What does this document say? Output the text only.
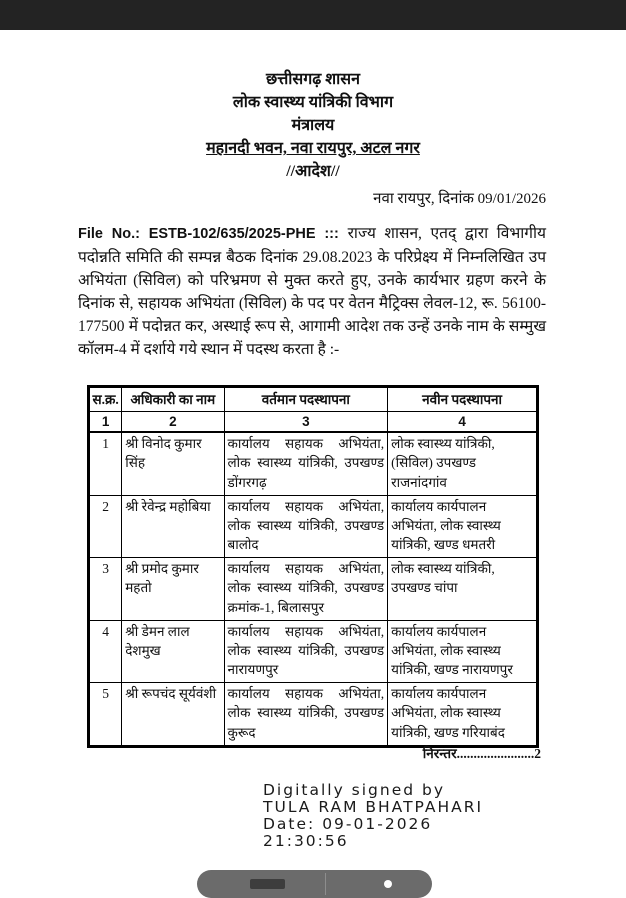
छत्तीसगढ़ शासन
लोक स्वास्थ्य यांत्रिकी विभाग
मंत्रालय
महानदी भवन, नवा रायपुर, अटल नगर
//आदेश//
नवा रायपुर, दिनांक 09/01/2026
File No.: ESTB-102/635/2025-PHE ::: राज्य शासन, एतद् द्वारा विभागीय पदोन्नति समिति की सम्पन्न बैठक दिनांक 29.08.2023 के परिप्रेक्ष्य में निम्नलिखित उप अभियंता (सिविल) को परिभ्रमण से मुक्त करते हुए, उनके कार्यभार ग्रहण करने के दिनांक से, सहायक अभियंता (सिविल) के पद पर वेतन मैट्रिक्स लेवल-12, रू. 56100-177500 में पदोन्नत कर, अस्थाई रूप से, आगामी आदेश तक उन्हें उनके नाम के सम्मुख कॉलम-4 में दर्शाये गये स्थान में पदस्थ करता है :-
स.क्र.	अधिकारी का नाम	वर्तमान पदस्थापना	नवीन पदस्थापना
1	2	3	4
1	श्री विनोद कुमार सिंह	कार्यालय सहायक अभियंता, लोक स्वास्थ्य यांत्रिकी, उपखण्ड डोंगरगढ़	लोक स्वास्थ्य यांत्रिकी, (सिविल) उपखण्ड राजनांदगांव
2	श्री रेवेन्द्र महोबिया	कार्यालय सहायक अभियंता, लोक स्वास्थ्य यांत्रिकी, उपखण्ड बालोद	कार्यालय कार्यपालन अभियंता, लोक स्वास्थ्य यांत्रिकी, खण्ड धमतरी
3	श्री प्रमोद कुमार महतो	कार्यालय सहायक अभियंता, लोक स्वास्थ्य यांत्रिकी, उपखण्ड क्रमांक-1, बिलासपुर	लोक स्वास्थ्य यांत्रिकी, उपखण्ड चांपा
4	श्री डेमन लाल देशमुख	कार्यालय सहायक अभियंता, लोक स्वास्थ्य यांत्रिकी, उपखण्ड नारायणपुर	कार्यालय कार्यपालन अभियंता, लोक स्वास्थ्य यांत्रिकी, खण्ड नारायणपुर
5	श्री रूपचंद सूर्यवंशी	कार्यालय सहायक अभियंता, लोक स्वास्थ्य यांत्रिकी, उपखण्ड कुरूद	कार्यालय कार्यपालन अभियंता, लोक स्वास्थ्य यांत्रिकी, खण्ड गरियाबंद
निरन्तर.......................2
Digitally signed by
TULA RAM BHATPAHARI
Date: 09-01-2026
21:30:56
